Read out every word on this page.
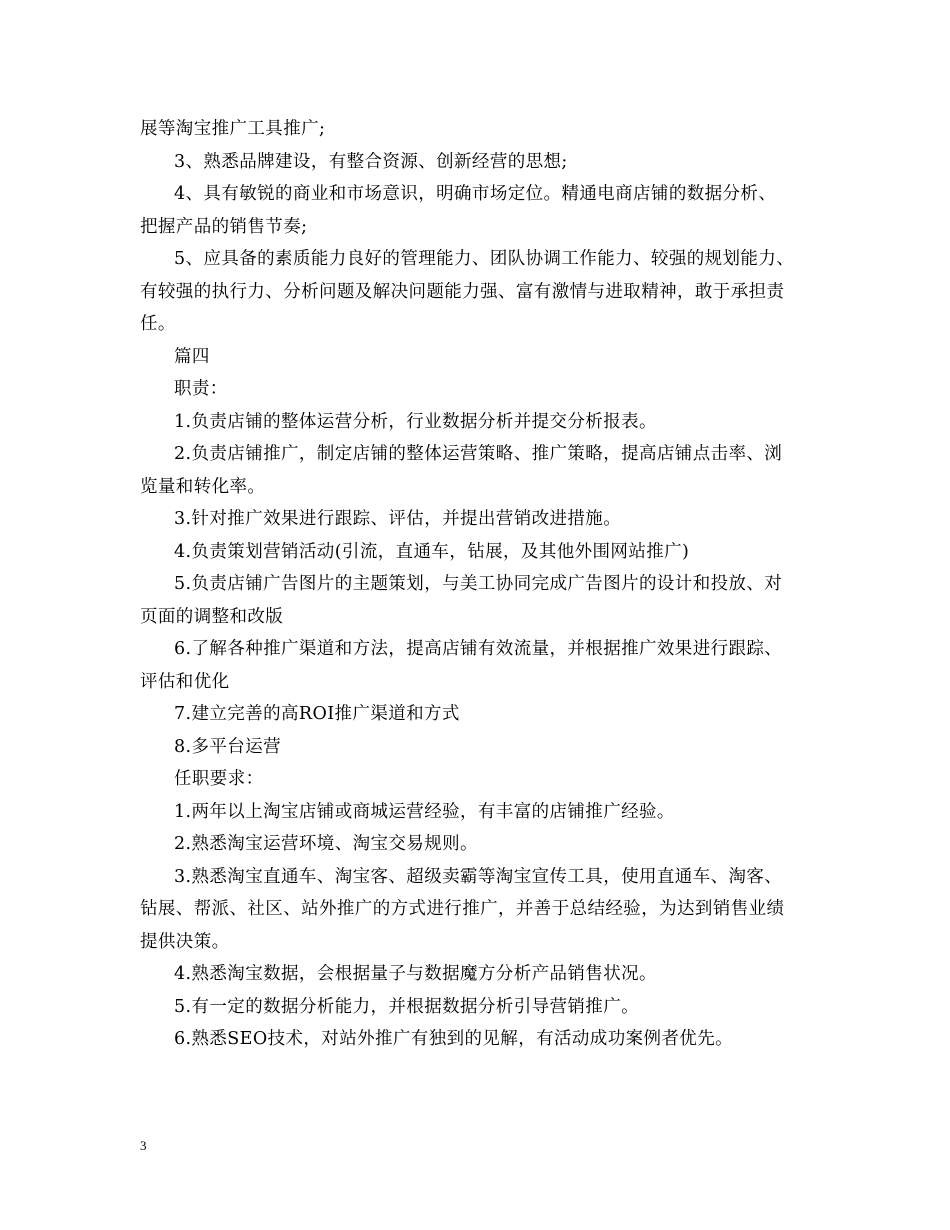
展等淘宝推广工具推广;
3、熟悉品牌建设，有整合资源、创新经营的思想;
4、具有敏锐的商业和市场意识，明确市场定位。精通电商店铺的数据分析、
把握产品的销售节奏;
5、应具备的素质能力良好的管理能力、团队协调工作能力、较强的规划能力、
有较强的执行力、分析问题及解决问题能力强、富有激情与进取精神，敢于承担责
任。
篇四
职责：
1.负责店铺的整体运营分析，行业数据分析并提交分析报表。
2.负责店铺推广，制定店铺的整体运营策略、推广策略，提高店铺点击率、浏
览量和转化率。
3.针对推广效果进行跟踪、评估，并提出营销改进措施。
4.负责策划营销活动(引流，直通车，钻展，及其他外围网站推广)
5.负责店铺广告图片的主题策划，与美工协同完成广告图片的设计和投放、对
页面的调整和改版
6.了解各种推广渠道和方法，提高店铺有效流量，并根据推广效果进行跟踪、
评估和优化
7.建立完善的高ROI推广渠道和方式
8.多平台运营
任职要求：
1.两年以上淘宝店铺或商城运营经验，有丰富的店铺推广经验。
2.熟悉淘宝运营环境、淘宝交易规则。
3.熟悉淘宝直通车、淘宝客、超级卖霸等淘宝宣传工具，使用直通车、淘客、
钻展、帮派、社区、站外推广的方式进行推广，并善于总结经验，为达到销售业绩
提供决策。
4.熟悉淘宝数据，会根据量子与数据魔方分析产品销售状况。
5.有一定的数据分析能力，并根据数据分析引导营销推广。
6.熟悉SEO技术，对站外推广有独到的见解，有活动成功案例者优先。
3
